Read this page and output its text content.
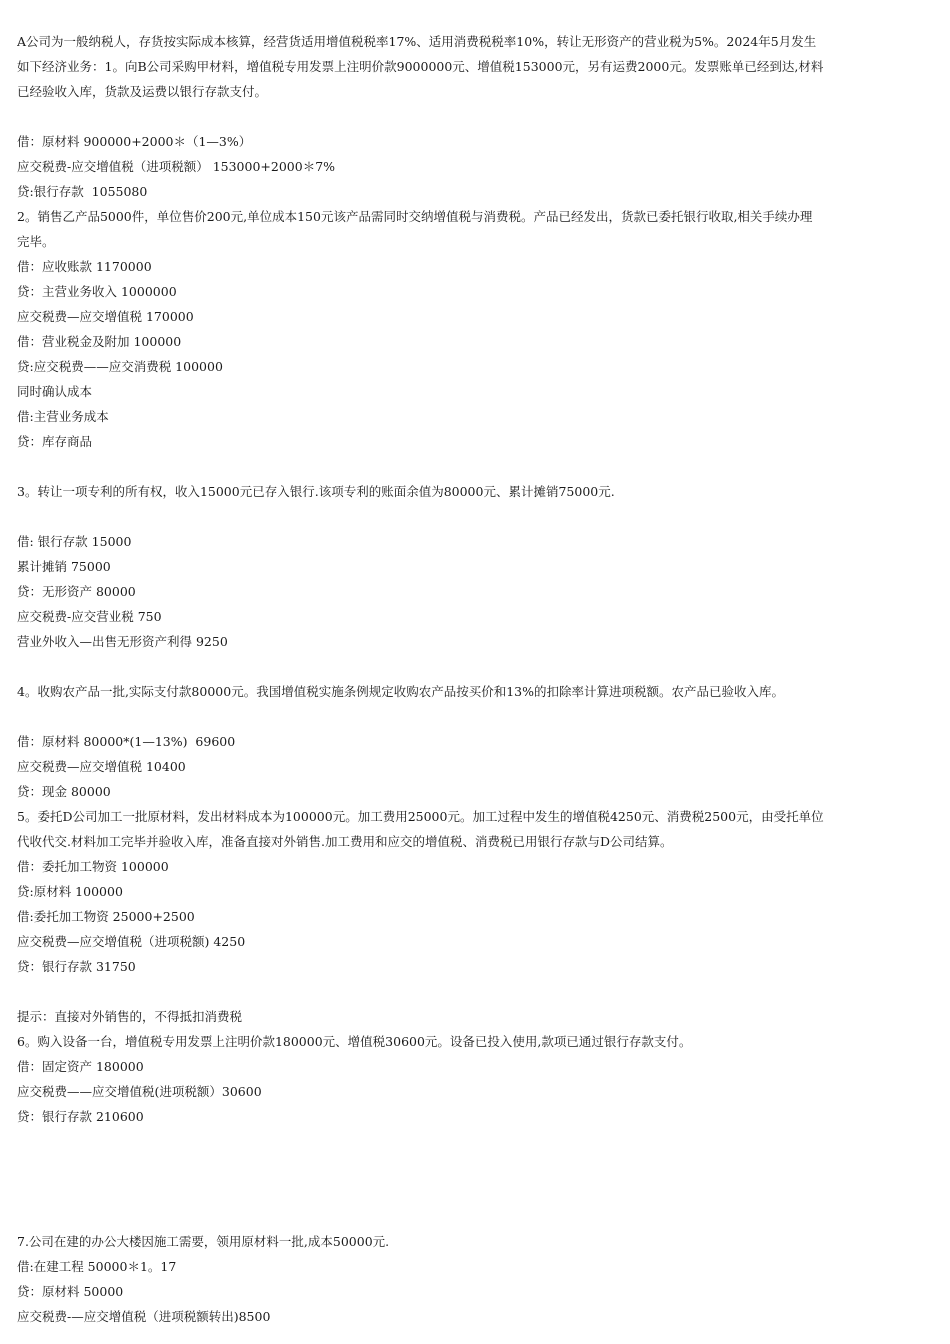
A公司为一般纳税人，存货按实际成本核算，经营货适用增值税税率17%、适用消费税税率10%，转让无形资产的营业税为5%。2024年5月发生
如下经济业务：1。向B公司采购甲材料，增值税专用发票上注明价款9000000元、增值税153000元，另有运费2000元。发票账单已经到达,材料
已经验收入库，货款及运费以银行存款支付。
借：原材料 900000+2000＊（1—3%）
应交税费-应交增值税（进项税额） 153000+2000＊7%
贷:银行存款  1055080
2。销售乙产品5000件，单位售价200元,单位成本150元该产品需同时交纳增值税与消费税。产品已经发出，货款已委托银行收取,相关手续办理
完毕。
借：应收账款 1170000
贷：主营业务收入 1000000
应交税费—应交增值税 170000
借：营业税金及附加 100000
贷:应交税费——应交消费税 100000
同时确认成本
借:主营业务成本
贷：库存商品
3。转让一项专利的所有权，收入15000元已存入银行.该项专利的账面余值为80000元、累计摊销75000元.
借: 银行存款 15000
累计摊销 75000
贷：无形资产 80000
应交税费-应交营业税 750
营业外收入—出售无形资产利得 9250
4。收购农产品一批,实际支付款80000元。我国增值税实施条例规定收购农产品按买价和13%的扣除率计算进项税额。农产品已验收入库。
借：原材料 80000*(1—13%)  69600
应交税费—应交增值税 10400
贷：现金 80000
5。委托D公司加工一批原材料，发出材料成本为100000元。加工费用25000元。加工过程中发生的增值税4250元、消费税2500元，由受托单位
代收代交.材料加工完毕并验收入库，准备直接对外销售.加工费用和应交的增值税、消费税已用银行存款与D公司结算。
借：委托加工物资 100000
贷:原材料 100000
借:委托加工物资 25000+2500
应交税费—应交增值税（进项税额) 4250
贷：银行存款 31750
提示：直接对外销售的，不得抵扣消费税
6。购入设备一台，增值税专用发票上注明价款180000元、增值税30600元。设备已投入使用,款项已通过银行存款支付。
借：固定资产 180000
应交税费——应交增值税(进项税额）30600
贷：银行存款 210600
7.公司在建的办公大楼因施工需要，领用原材料一批,成本50000元.
借:在建工程 50000＊1。17
贷：原材料 50000
应交税费-—应交增值税（进项税额转出)8500
